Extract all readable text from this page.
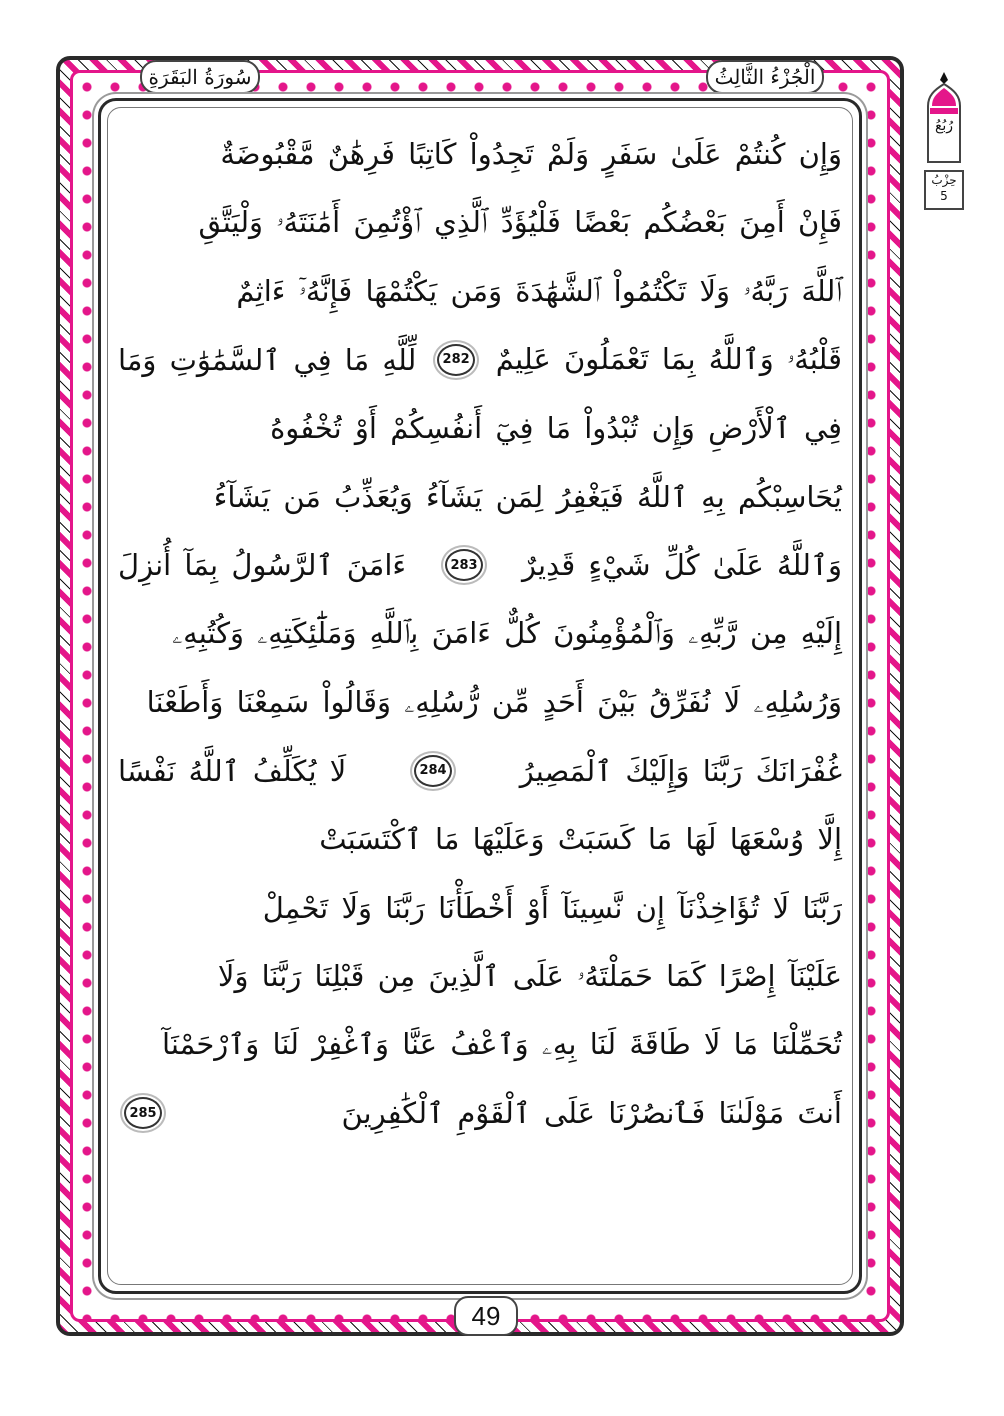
سُورَةُ البَقَرَةِ	الْجُزْءُ الثَّالِثُ
رُبُعُ
حِزْبُ
5
وَإِن كُنتُمْ عَلَىٰ سَفَرٍ وَلَمْ تَجِدُواْ كَاتِبًا فَرِهَٰنٌ مَّقْبُوضَةٌ
فَإِنْ أَمِنَ بَعْضُكُم بَعْضًا فَلْيُؤَدِّ ٱلَّذِي ٱؤْتُمِنَ أَمَٰنَتَهُۥ وَلْيَتَّقِ
ٱللَّهَ رَبَّهُۥ وَلَا تَكْتُمُواْ ٱلشَّهَٰدَةَ وَمَن يَكْتُمْهَا فَإِنَّهُۥٓ ءَاثِمٌ
قَلْبُهُۥ وَٱللَّهُ بِمَا تَعْمَلُونَ عَلِيمٌ
282
لِّلَّهِ مَا فِي ٱلسَّمَٰوَٰتِ وَمَا
فِي ٱلْأَرْضِ وَإِن تُبْدُواْ مَا فِيٓ أَنفُسِكُمْ أَوْ تُخْفُوهُ
يُحَاسِبْكُم بِهِ ٱللَّهُ فَيَغْفِرُ لِمَن يَشَآءُ وَيُعَذِّبُ مَن يَشَآءُ
وَٱللَّهُ عَلَىٰ كُلِّ شَيْءٍ قَدِيرٌ
283
ءَامَنَ ٱلرَّسُولُ بِمَآ أُنزِلَ
إِلَيْهِ مِن رَّبِّهِۦ وَٱلْمُؤْمِنُونَ كُلٌّ ءَامَنَ بِٱللَّهِ وَمَلَٰٓئِكَتِهِۦ وَكُتُبِهِۦ
وَرُسُلِهِۦ لَا نُفَرِّقُ بَيْنَ أَحَدٍ مِّن رُّسُلِهِۦ وَقَالُواْ سَمِعْنَا وَأَطَعْنَا
غُفْرَانَكَ رَبَّنَا وَإِلَيْكَ ٱلْمَصِيرُ
284
لَا يُكَلِّفُ ٱللَّهُ نَفْسًا
إِلَّا وُسْعَهَا لَهَا مَا كَسَبَتْ وَعَلَيْهَا مَا ٱكْتَسَبَتْ
رَبَّنَا لَا تُؤَاخِذْنَآ إِن نَّسِينَآ أَوْ أَخْطَأْنَا رَبَّنَا وَلَا تَحْمِلْ
عَلَيْنَآ إِصْرًا كَمَا حَمَلْتَهُۥ عَلَى ٱلَّذِينَ مِن قَبْلِنَا رَبَّنَا وَلَا
تُحَمِّلْنَا مَا لَا طَاقَةَ لَنَا بِهِۦ وَٱعْفُ عَنَّا وَٱغْفِرْ لَنَا وَٱرْحَمْنَآ
أَنتَ مَوْلَىٰنَا فَٱنصُرْنَا عَلَى ٱلْقَوْمِ ٱلْكَٰفِرِينَ
285
49
